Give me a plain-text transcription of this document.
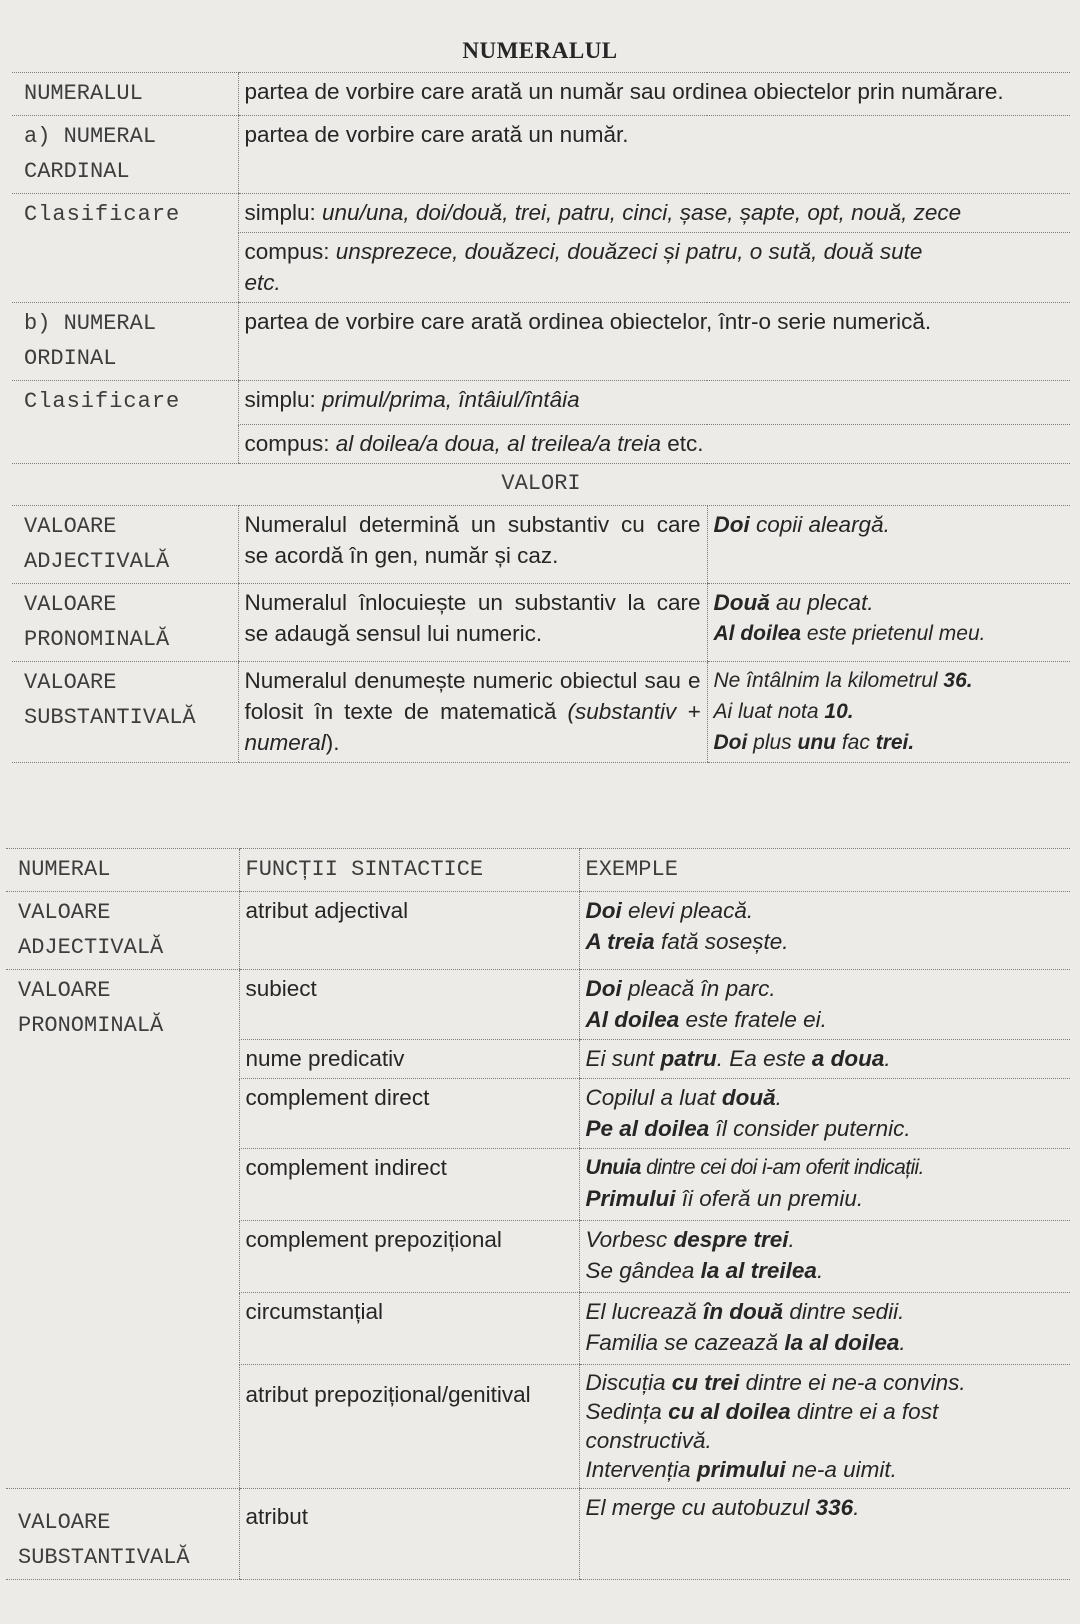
NUMERALUL
NUMERALUL	partea de vorbire care arată un număr sau ordinea obiectelor prin numărare.	
a) NUMERAL CARDINAL	partea de vorbire care arată un număr.	
Clasificare	simplu: unu/una, doi/două, trei, patru, cinci, șase, șapte, opt, nouă, zece	
	compus: unsprezece, douăzeci, douăzeci și patru, o sută, două sute
etc.	
b) NUMERAL ORDINAL	partea de vorbire care arată ordinea obiectelor, într-o serie numerică.	
Clasificare	simplu: primul/prima, întâiul/întâia	
	compus: al doilea/a doua, al treilea/a treia etc.	
VALORI		
VALOARE ADJECTIVALĂ	Numeralul determină un substantiv cu care se acordă în gen, număr și caz.	Doi copii aleargă.
VALOARE PRONOMINALĂ	Numeralul înlocuiește un substantiv la care se adaugă sensul lui numeric.	Două au plecat.
Al doilea este prietenul meu.

VALOARE SUBSTANTIVALĂ	Numeralul denumește numeric obiectul sau e folosit în texte de matematică (substantiv + numeral).	Ne întâlnim la kilometrul 36.
Ai luat nota 10.
Doi plus unu fac trei.
NUMERAL	FUNCȚII SINTACTICE	EXEMPLE
VALOARE ADJECTIVALĂ	atribut adjectival	Doi elevi pleacă.
A treia fată sosește.

VALOARE PRONOMINALĂ	subiect	Doi pleacă în parc.
Al doilea este fratele ei.

	nume predicativ	Ei sunt patru. Ea este a doua.
	complement direct	Copilul a luat două.
Pe al doilea îl consider puternic.

	complement indirect	Unuia dintre cei doi i-am oferit indicații.
Primului îi oferă un premiu.

	complement prepozițional	Vorbesc despre trei.
Se gândea la al treilea.

	circumstanțial	El lucrează în două dintre sedii.
Familia se cazează la al doilea.

	atribut prepozițional/genitival	Discuția cu trei dintre ei ne-a convins.
Sedința cu al doilea dintre ei a fost constructivă.
Intervenția primului ne-a uimit.

VALOARE SUBSTANTIVALĂ	atribut	El merge cu autobuzul 336.
